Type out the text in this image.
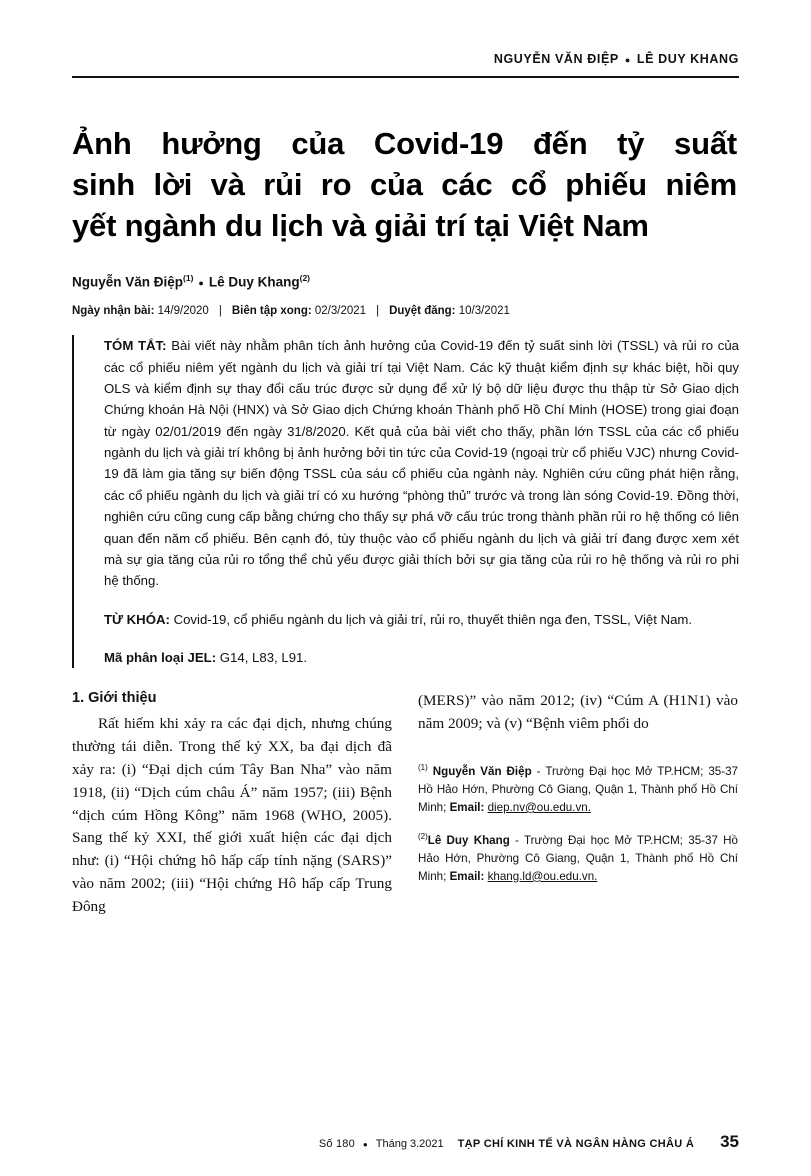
NGUYỄN VĂN ĐIỆP ● LÊ DUY KHANG
Ảnh hưởng của Covid-19 đến tỷ suất
sinh lời và rủi ro của các cổ phiếu niêm
yết ngành du lịch và giải trí tại Việt Nam
Nguyễn Văn Điệp$^{(1)}$ ● Lê Duy Khang$^{(2)}$
Ngày nhận bài: 14/9/2020 | Biên tập xong: 02/3/2021 | Duyệt đăng: 10/3/2021

TÓM TẮT: Bài viết này nhằm phân tích ảnh hưởng của Covid-19 đến tỷ suất sinh lời (TSSL) và rủi ro của các cổ phiếu niêm yết ngành du lịch và giải trí tại Việt Nam. Các kỹ thuật kiểm định sự khác biệt, hồi quy OLS và kiểm định sự thay đổi cấu trúc được sử dụng để xử lý bộ dữ liệu được thu thập từ Sở Giao dịch Chứng khoán Hà Nội (HNX) và Sở Giao dịch Chứng khoán Thành phố Hồ Chí Minh (HOSE) trong giai đoạn từ ngày 02/01/2019 đến ngày 31/8/2020. Kết quả của bài viết cho thấy, phần lớn TSSL của các cổ phiếu ngành du lịch và giải trí không bị ảnh hưởng bởi tin tức của Covid-19 (ngoại trừ cổ phiếu VJC) nhưng Covid-19 đã làm gia tăng sự biến động TSSL của sáu cổ phiếu của ngành này. Nghiên cứu cũng phát hiện rằng, các cổ phiếu ngành du lịch và giải trí có xu hướng “phòng thủ” trước và trong làn sóng Covid-19. Đồng thời, nghiên cứu cũng cung cấp bằng chứng cho thấy sự phá vỡ cấu trúc trong thành phần rủi ro hệ thống có liên quan đến năm cổ phiếu. Bên cạnh đó, tùy thuộc vào cổ phiếu ngành du lịch và giải trí đang được xem xét mà sự gia tăng của rủi ro tổng thể chủ yếu được giải thích bởi sự gia tăng của rủi ro hệ thống và rủi ro phi hệ thống.

TỪ KHÓA: Covid-19, cổ phiếu ngành du lịch và giải trí, rủi ro, thuyết thiên nga đen, TSSL, Việt Nam.

Mã phân loại JEL: G14, L83, L91.

1. Giới thiệu

Rất hiếm khi xảy ra các đại dịch, nhưng chúng thường tái diễn. Trong thế kỷ XX, ba đại dịch đã xảy ra: (i) “Đại dịch cúm Tây Ban Nha” vào năm 1918, (ii) “Dịch cúm châu Á” năm 1957; (iii) Bệnh “dịch cúm Hồng Kông” năm 1968 (WHO, 2005). Sang thế kỷ XXI, thế giới xuất hiện các đại dịch như: (i) “Hội chứng hô hấp cấp tính nặng (SARS)” vào năm 2002; (iii) “Hội chứng Hô hấp cấp Trung Đông

(MERS)” vào năm 2012; (iv) “Cúm A (H1N1) vào năm 2009; và (v) “Bệnh viêm phổi do

$^{(1)}$ Nguyễn Văn Điệp - Trường Đại học Mở TP.HCM; 35-37 Hồ Hảo Hớn, Phường Cô Giang, Quận 1, Thành phố Hồ Chí Minh; Email: diep.nv@ou.edu.vn.
$^{(2)}$Lê Duy Khang - Trường Đại học Mở TP.HCM; 35-37 Hồ Hảo Hớn, Phường Cô Giang, Quận 1, Thành phố Hồ Chí Minh; Email: khang.ld@ou.edu.vn.
Số 180 ● Tháng 3.2021 TẠP CHÍ KINH TẾ VÀ NGÂN HÀNG CHÂU Á 35
